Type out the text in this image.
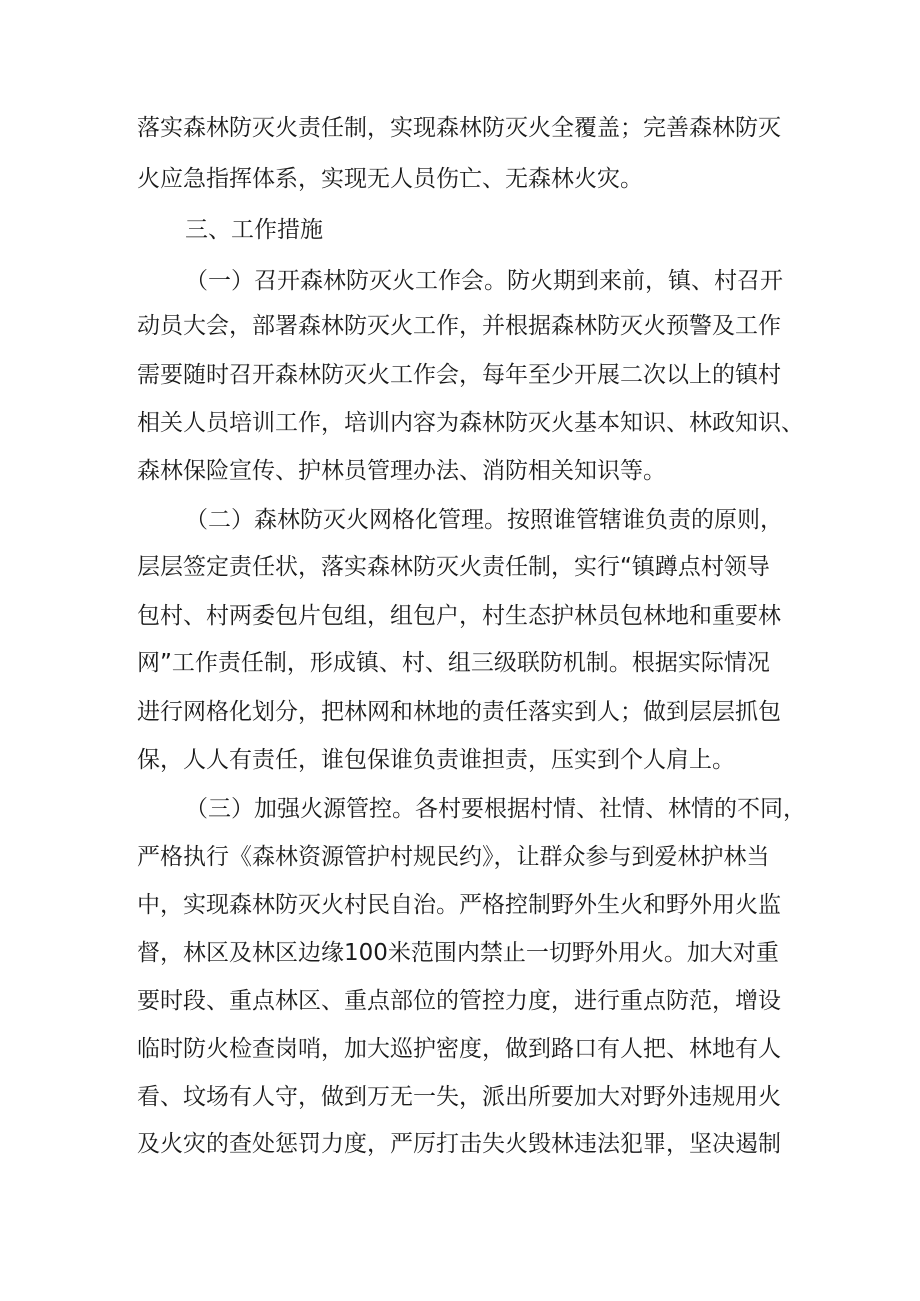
落实森林防灭火责任制，实现森林防灭火全覆盖；完善森林防灭
火应急指挥体系，实现无人员伤亡、无森林火灾。
三、工作措施
（一）召开森林防灭火工作会。防火期到来前，镇、村召开
动员大会，部署森林防灭火工作，并根据森林防灭火预警及工作
需要随时召开森林防灭火工作会，每年至少开展二次以上的镇村
相关人员培训工作，培训内容为森林防灭火基本知识、林政知识、
森林保险宣传、护林员管理办法、消防相关知识等。
（二）森林防灭火网格化管理。按照谁管辖谁负责的原则，
层层签定责任状，落实森林防灭火责任制，实行“镇蹲点村领导
包村、村两委包片包组，组包户，村生态护林员包林地和重要林
网”工作责任制，形成镇、村、组三级联防机制。根据实际情况
进行网格化划分，把林网和林地的责任落实到人；做到层层抓包
保，人人有责任，谁包保谁负责谁担责，压实到个人肩上。
（三）加强火源管控。各村要根据村情、社情、林情的不同，
严格执行《森林资源管护村规民约》，让群众参与到爱林护林当
中，实现森林防灭火村民自治。严格控制野外生火和野外用火监
督，林区及林区边缘100米范围内禁止一切野外用火。加大对重
要时段、重点林区、重点部位的管控力度，进行重点防范，增设
临时防火检查岗哨，加大巡护密度，做到路口有人把、林地有人
看、坟场有人守，做到万无一失，派出所要加大对野外违规用火
及火灾的查处惩罚力度，严厉打击失火毁林违法犯罪，坚决遏制
